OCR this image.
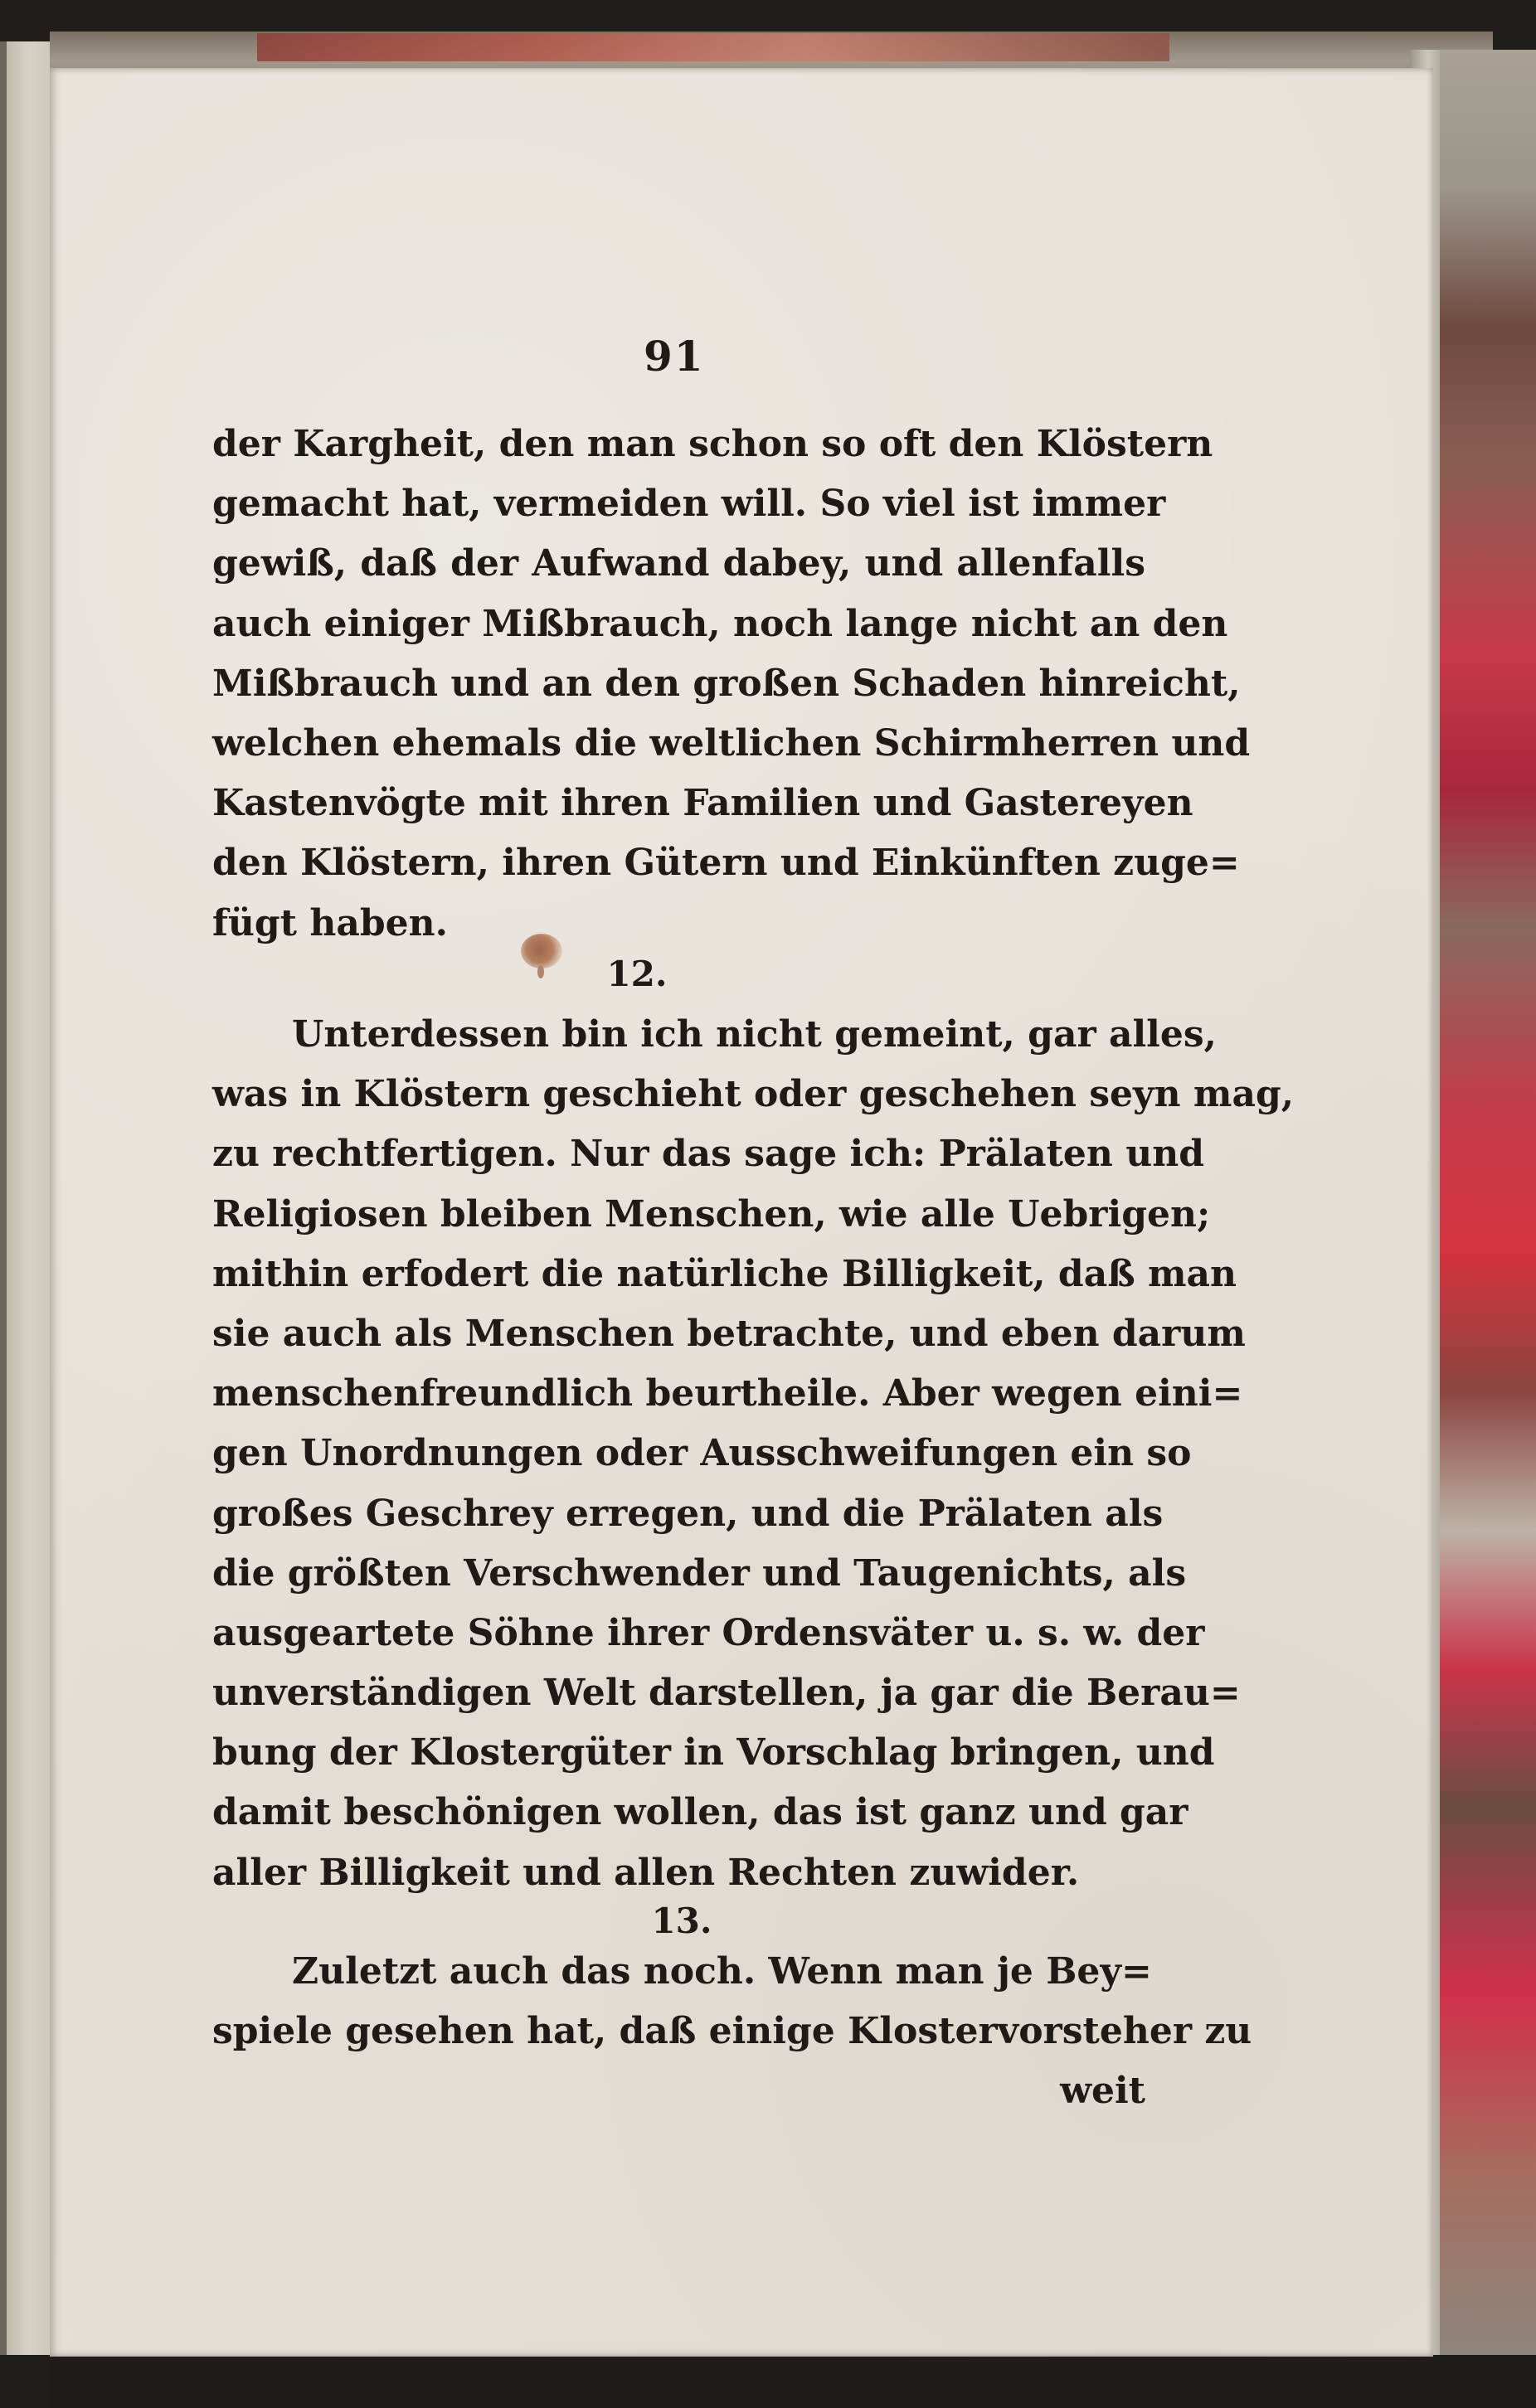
91
der Kargheit, den man schon so oft den Klöstern
gemacht hat, vermeiden will. So viel ist immer
gewiß, daß der Aufwand dabey, und allenfalls
auch einiger Mißbrauch, noch lange nicht an den
Mißbrauch und an den großen Schaden hinreicht,
welchen ehemals die weltlichen Schirmherren und
Kastenvögte mit ihren Familien und Gastereyen
den Klöstern, ihren Gütern und Einkünften zuge=
fügt haben.
12.
Unterdessen bin ich nicht gemeint, gar alles,
was in Klöstern geschieht oder geschehen seyn mag,
zu rechtfertigen. Nur das sage ich: Prälaten und
Religiosen bleiben Menschen, wie alle Uebrigen;
mithin erfodert die natürliche Billigkeit, daß man
sie auch als Menschen betrachte, und eben darum
menschenfreundlich beurtheile. Aber wegen eini=
gen Unordnungen oder Ausschweifungen ein so
großes Geschrey erregen, und die Prälaten als
die größten Verschwender und Taugenichts, als
ausgeartete Söhne ihrer Ordensväter u. s. w. der
unverständigen Welt darstellen, ja gar die Berau=
bung der Klostergüter in Vorschlag bringen, und
damit beschönigen wollen, das ist ganz und gar
aller Billigkeit und allen Rechten zuwider.
13.
Zuletzt auch das noch. Wenn man je Bey=
spiele gesehen hat, daß einige Klostervorsteher zu
weit
